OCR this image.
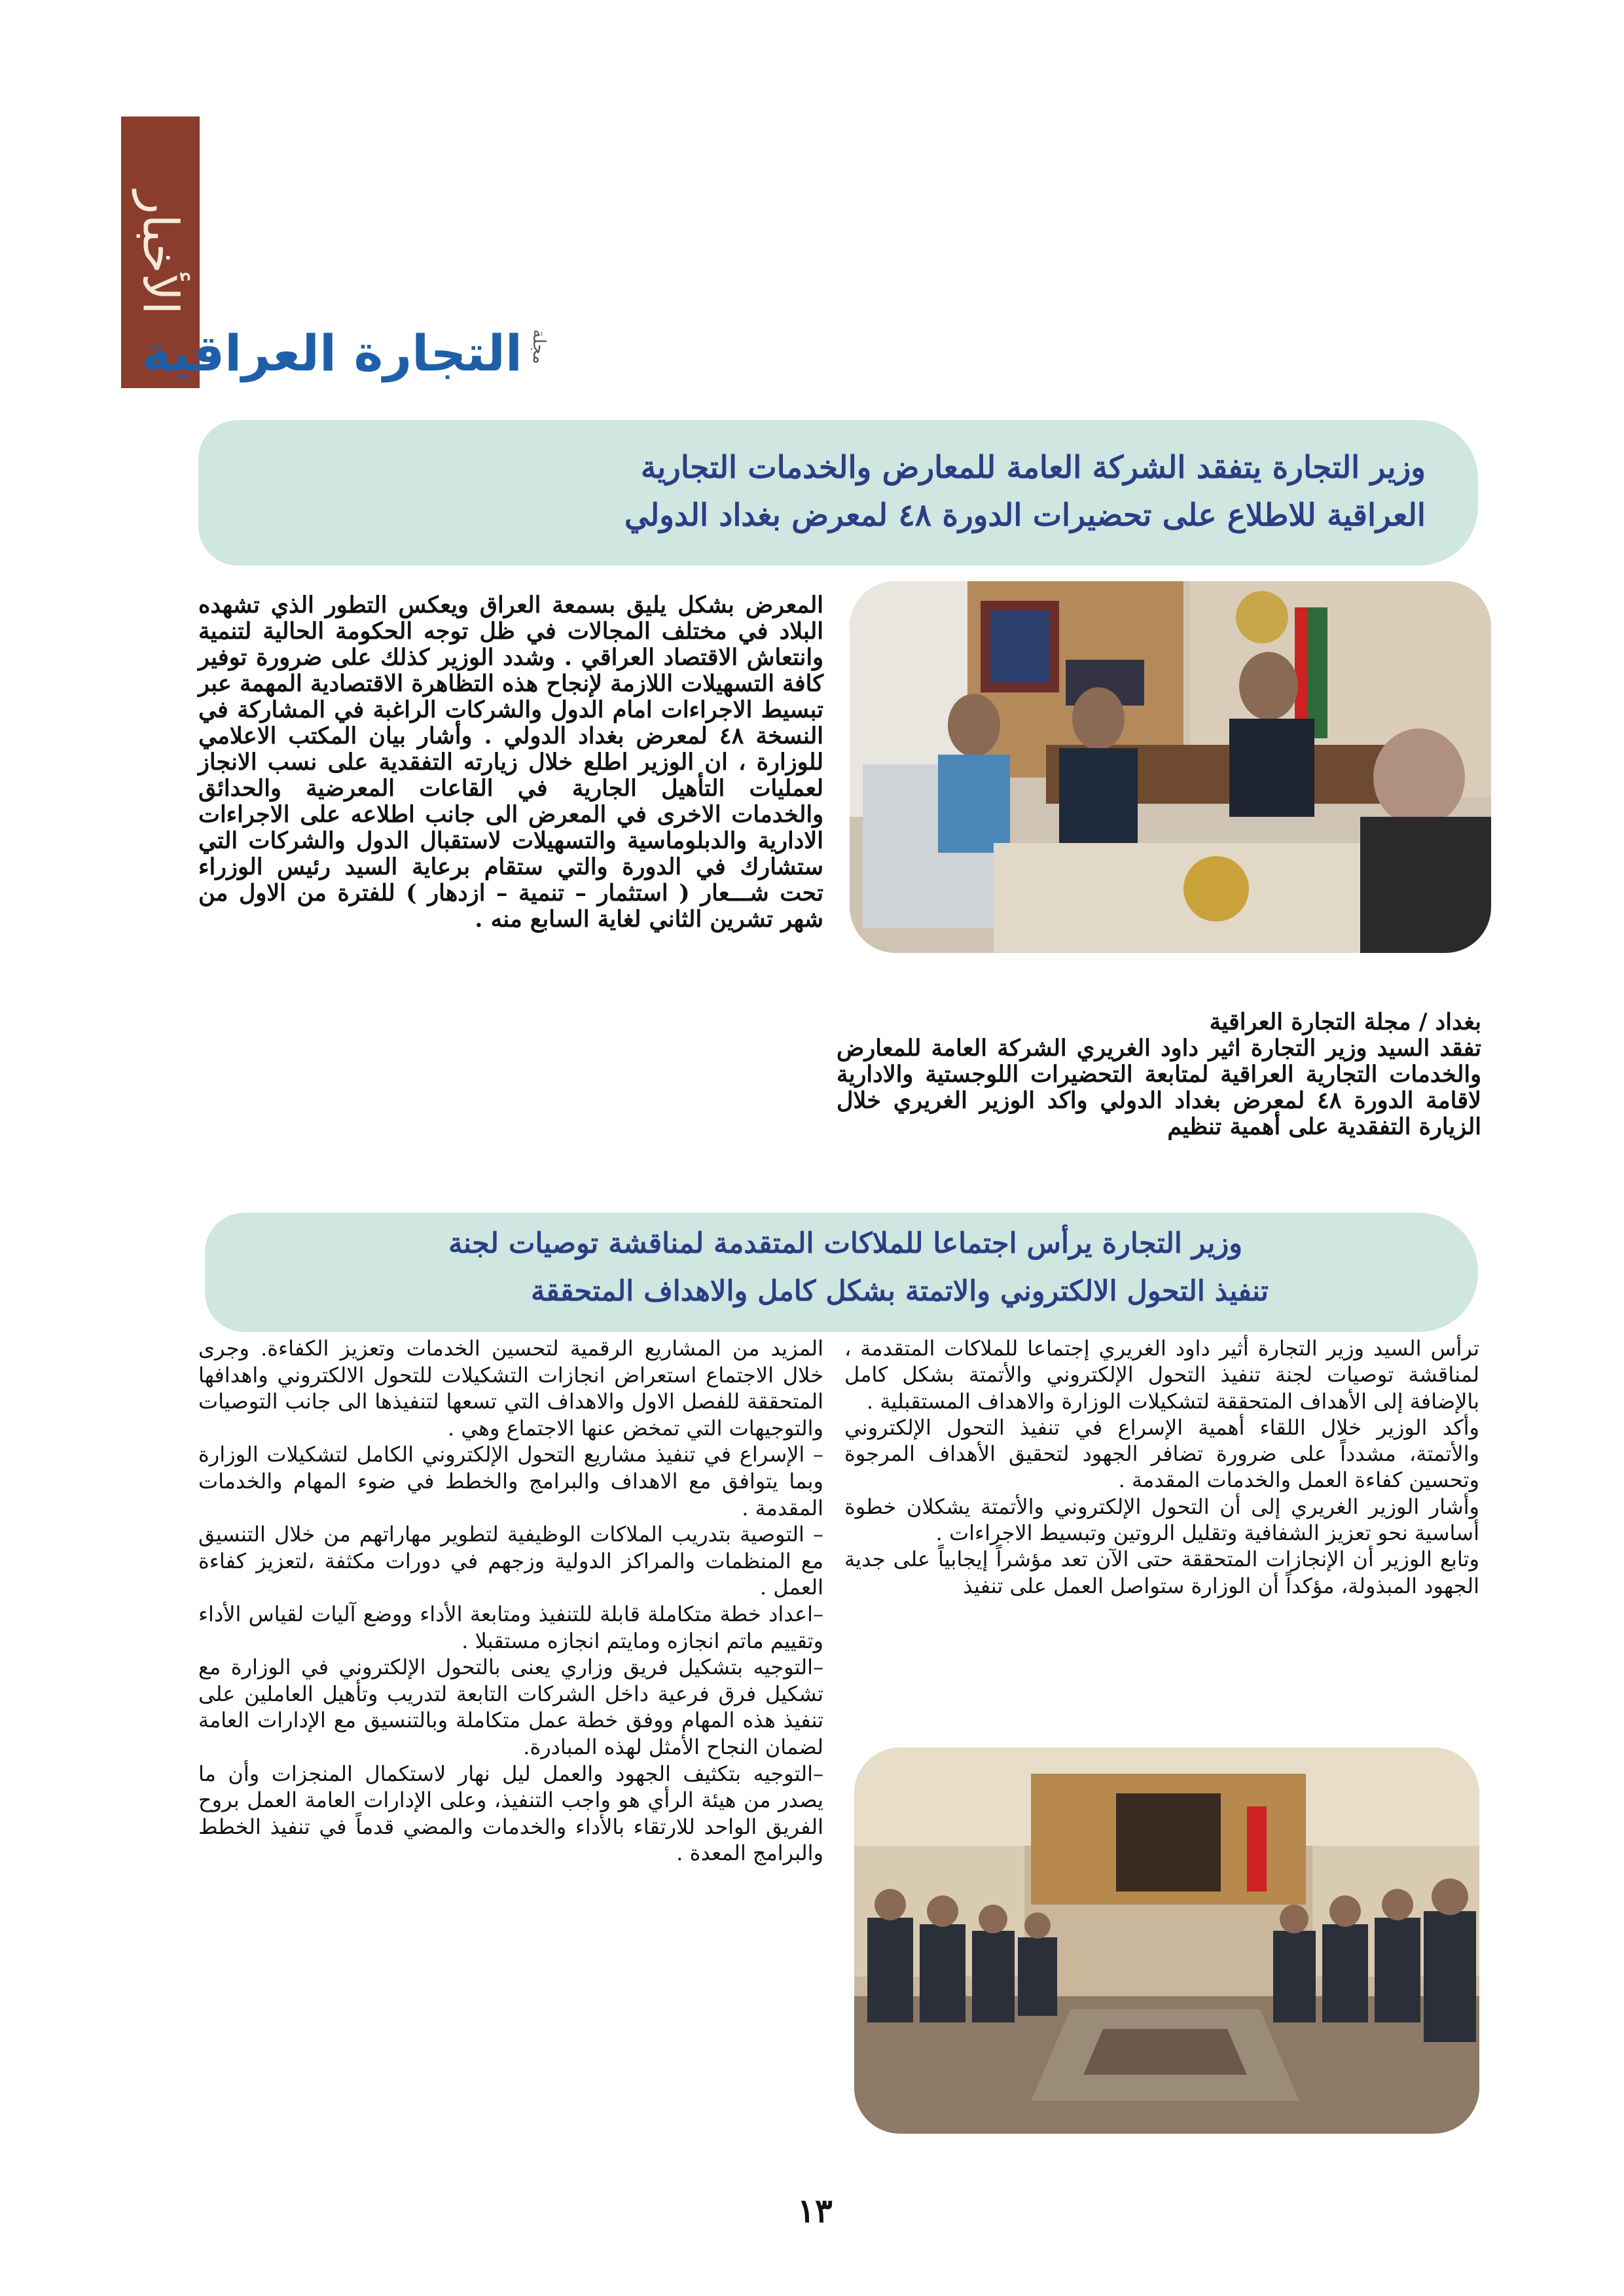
الأخبار
مجلة
التجارة العراقية
وزير التجارة يتفقد الشركة العامة للمعارض والخدمات التجارية
العراقية للاطلاع على تحضيرات الدورة ٤٨ لمعرض بغداد الدولي

المعرض بشكل يليق بسمعة العراق ويعكس التطور الذي تشهده البلاد في مختلف المجالات في ظل توجه الحكومة الحالية لتنمية وانتعاش الاقتصاد العراقي . وشدد الوزير كذلك على ضرورة توفير كافة التسهيلات اللازمة لإنجاح هذه التظاهرة الاقتصادية المهمة عبر تبسيط الاجراءات امام الدول والشركات الراغبة في المشاركة في النسخة ٤٨ لمعرض بغداد الدولي . وأشار بيان المكتب الاعلامي للوزارة ، ان الوزير اطلع خلال زيارته التفقدية على نسب الانجاز لعمليات التأهيل الجارية في القاعات المعرضية والحدائق والخدمات الاخرى في المعرض الى جانب اطلاعه على الاجراءات الادارية والدبلوماسية والتسهيلات لاستقبال الدول والشركات التي ستشارك في الدورة والتي ستقام برعاية السيد رئيس الوزراء تحت شـــعار ( استثمار – تنمية – ازدهار ) للفترة من الاول من شهر تشرين الثاني لغاية السابع منه .

بغداد / مجلة التجارة العراقية

تفقد السيد وزير التجارة اثير داود الغريري الشركة العامة للمعارض والخدمات التجارية العراقية لمتابعة التحضيرات اللوجستية والادارية لاقامة الدورة ٤٨ لمعرض بغداد الدولي واكد الوزير الغريري خلال الزيارة التفقدية على أهمية تنظيم

وزير التجارة يرأس اجتماعا للملاكات المتقدمة لمناقشة توصيات لجنة
تنفيذ التحول الالكتروني والاتمتة بشكل كامل والاهداف المتحققة

ترأس السيد وزير التجارة أثير داود الغريري إجتماعا للملاكات المتقدمة ، لمناقشة توصيات لجنة تنفيذ التحول الإلكتروني والأتمتة بشكل كامل بالإضافة إلى الأهداف المتحققة لتشكيلات الوزارة والاهداف المستقبلية .

وأكد الوزير خلال اللقاء أهمية الإسراع في تنفيذ التحول الإلكتروني والأتمتة، مشدداً على ضرورة تضافر الجهود لتحقيق الأهداف المرجوة وتحسين كفاءة العمل والخدمات المقدمة .

وأشار الوزير الغريري إلى أن التحول الإلكتروني والأتمتة يشكلان خطوة أساسية نحو تعزيز الشفافية وتقليل الروتين وتبسيط الاجراءات .

وتابع الوزير أن الإنجازات المتحققة حتى الآن تعد مؤشراً إيجابياً على جدية الجهود المبذولة، مؤكداً أن الوزارة ستواصل العمل على تنفيذ

المزيد من المشاريع الرقمية لتحسين الخدمات وتعزيز الكفاءة. وجرى خلال الاجتماع استعراض انجازات التشكيلات للتحول الالكتروني واهدافها المتحققة للفصل الاول والاهداف التي تسعها لتنفيذها الى جانب التوصيات والتوجيهات التي تمخض عنها الاجتماع وهي .

– الإسراع في تنفيذ مشاريع التحول الإلكتروني الكامل لتشكيلات الوزارة وبما يتوافق مع الاهداف والبرامج والخطط في ضوء المهام والخدمات المقدمة .

– التوصية بتدريب الملاكات الوظيفية لتطوير مهاراتهم من خلال التنسيق مع المنظمات والمراكز الدولية وزجهم في دورات مكثفة ،لتعزيز كفاءة العمل .

–اعداد خطة متكاملة قابلة للتنفيذ ومتابعة الأداء ووضع آليات لقياس الأداء وتقييم ماتم انجازه ومايتم انجازه مستقبلا .

–التوجيه بتشكيل فريق وزاري يعنى بالتحول الإلكتروني في الوزارة مع تشكيل فرق فرعية داخل الشركات التابعة لتدريب وتأهيل العاملين على تنفيذ هذه المهام ووفق خطة عمل متكاملة وبالتنسيق مع الإدارات العامة لضمان النجاح الأمثل لهذه المبادرة.

–التوجيه بتكثيف الجهود والعمل ليل نهار لاستكمال المنجزات وأن ما يصدر من هيئة الرأي هو واجب التنفيذ، وعلى الإدارات العامة العمل بروح الفريق الواحد للارتقاء بالأداء والخدمات والمضي قدماً في تنفيذ الخطط والبرامج المعدة .

١٣
